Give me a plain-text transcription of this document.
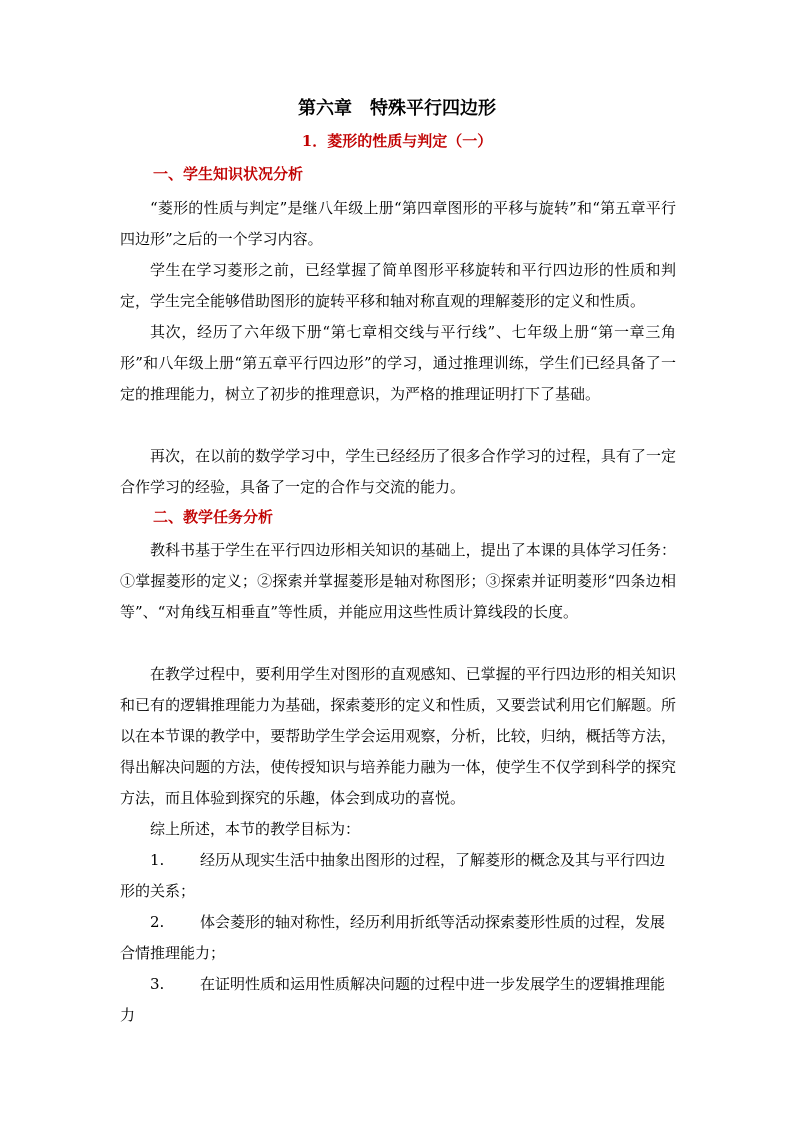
第六章　特殊平行四边形
1．菱形的性质与判定（一）
一、学生知识状况分析

“菱形的性质与判定”是继八年级上册“第四章图形的平移与旋转”和“第五章平行四边形”之后的一个学习内容。

学生在学习菱形之前，已经掌握了简单图形平移旋转和平行四边形的性质和判定，学生完全能够借助图形的旋转平移和轴对称直观的理解菱形的定义和性质。

其次，经历了六年级下册“第七章相交线与平行线”、七年级上册“第一章三角形”和八年级上册“第五章平行四边形”的学习，通过推理训练，学生们已经具备了一定的推理能力，树立了初步的推理意识，为严格的推理证明打下了基础。

再次，在以前的数学学习中，学生已经经历了很多合作学习的过程，具有了一定合作学习的经验，具备了一定的合作与交流的能力。

二、教学任务分析

教科书基于学生在平行四边形相关知识的基础上，提出了本课的具体学习任务：①掌握菱形的定义；②探索并掌握菱形是轴对称图形；③探索并证明菱形“四条边相等”、“对角线互相垂直”等性质，并能应用这些性质计算线段的长度。

在教学过程中，要利用学生对图形的直观感知、已掌握的平行四边形的相关知识和已有的逻辑推理能力为基础，探索菱形的定义和性质，又要尝试利用它们解题。所以在本节课的教学中，要帮助学生学会运用观察，分析，比较，归纳，概括等方法，得出解决问题的方法，使传授知识与培养能力融为一体，使学生不仅学到科学的探究方法，而且体验到探究的乐趣，体会到成功的喜悦。

综上所述，本节的教学目标为：

1. 经历从现实生活中抽象出图形的过程，了解菱形的概念及其与平行四边形的关系；

2. 体会菱形的轴对称性，经历利用折纸等活动探索菱形性质的过程，发展合情推理能力；

3. 在证明性质和运用性质解决问题的过程中进一步发展学生的逻辑推理能力
